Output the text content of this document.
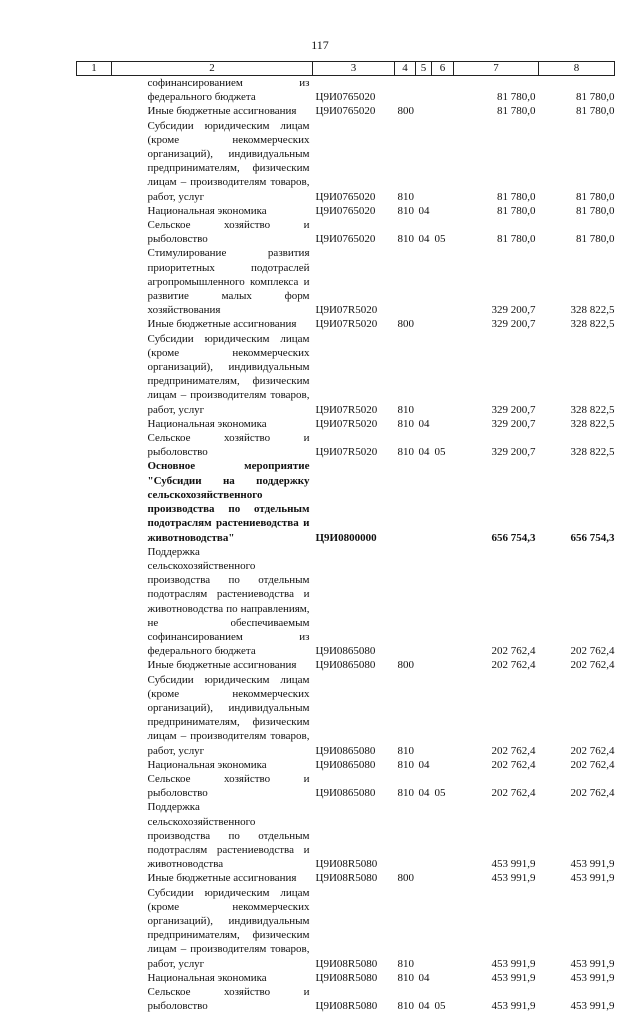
117
1	2	3	4	5	6	7	8
	софинансированием из федерального бюджета	Ц9И0765020				81 780,0	81 780,0
	Иные бюджетные ассигнования	Ц9И0765020	800			81 780,0	81 780,0
	Субсидии юридическим лицам (кроме некоммерческих организаций), индивидуальным предпринимателям, физическим лицам – производителям товаров, работ, услуг	Ц9И0765020	810			81 780,0	81 780,0
	Национальная экономика	Ц9И0765020	810	04		81 780,0	81 780,0
	Сельское хозяйство и рыболовство	Ц9И0765020	810	04	05	81 780,0	81 780,0
	Стимулирование развития приоритетных подотраслей агропромышленного комплекса и развитие малых форм хозяйствования	Ц9И07R5020				329 200,7	328 822,5
	Иные бюджетные ассигнования	Ц9И07R5020	800			329 200,7	328 822,5
	Субсидии юридическим лицам (кроме некоммерческих организаций), индивидуальным предпринимателям, физическим лицам – производителям товаров, работ, услуг	Ц9И07R5020	810			329 200,7	328 822,5
	Национальная экономика	Ц9И07R5020	810	04		329 200,7	328 822,5
	Сельское хозяйство и рыболовство	Ц9И07R5020	810	04	05	329 200,7	328 822,5
	Основное мероприятие "Субсидии на поддержку сельскохозяйственного производства по отдельным подотраслям растениеводства и животноводства"	Ц9И0800000				656 754,3	656 754,3
	Поддержка сельскохозяйственного производства по отдельным подотраслям растениеводства и животноводства по направлениям, не обеспечиваемым софинансированием из федерального бюджета	Ц9И0865080				202 762,4	202 762,4
	Иные бюджетные ассигнования	Ц9И0865080	800			202 762,4	202 762,4
	Субсидии юридическим лицам (кроме некоммерческих организаций), индивидуальным предпринимателям, физическим лицам – производителям товаров, работ, услуг	Ц9И0865080	810			202 762,4	202 762,4
	Национальная экономика	Ц9И0865080	810	04		202 762,4	202 762,4
	Сельское хозяйство и рыболовство	Ц9И0865080	810	04	05	202 762,4	202 762,4
	Поддержка сельскохозяйственного производства по отдельным подотраслям растениеводства и животноводства	Ц9И08R5080				453 991,9	453 991,9
	Иные бюджетные ассигнования	Ц9И08R5080	800			453 991,9	453 991,9
	Субсидии юридическим лицам (кроме некоммерческих организаций), индивидуальным предпринимателям, физическим лицам – производителям товаров, работ, услуг	Ц9И08R5080	810			453 991,9	453 991,9
	Национальная экономика	Ц9И08R5080	810	04		453 991,9	453 991,9
	Сельское хозяйство и рыболовство	Ц9И08R5080	810	04	05	453 991,9	453 991,9
